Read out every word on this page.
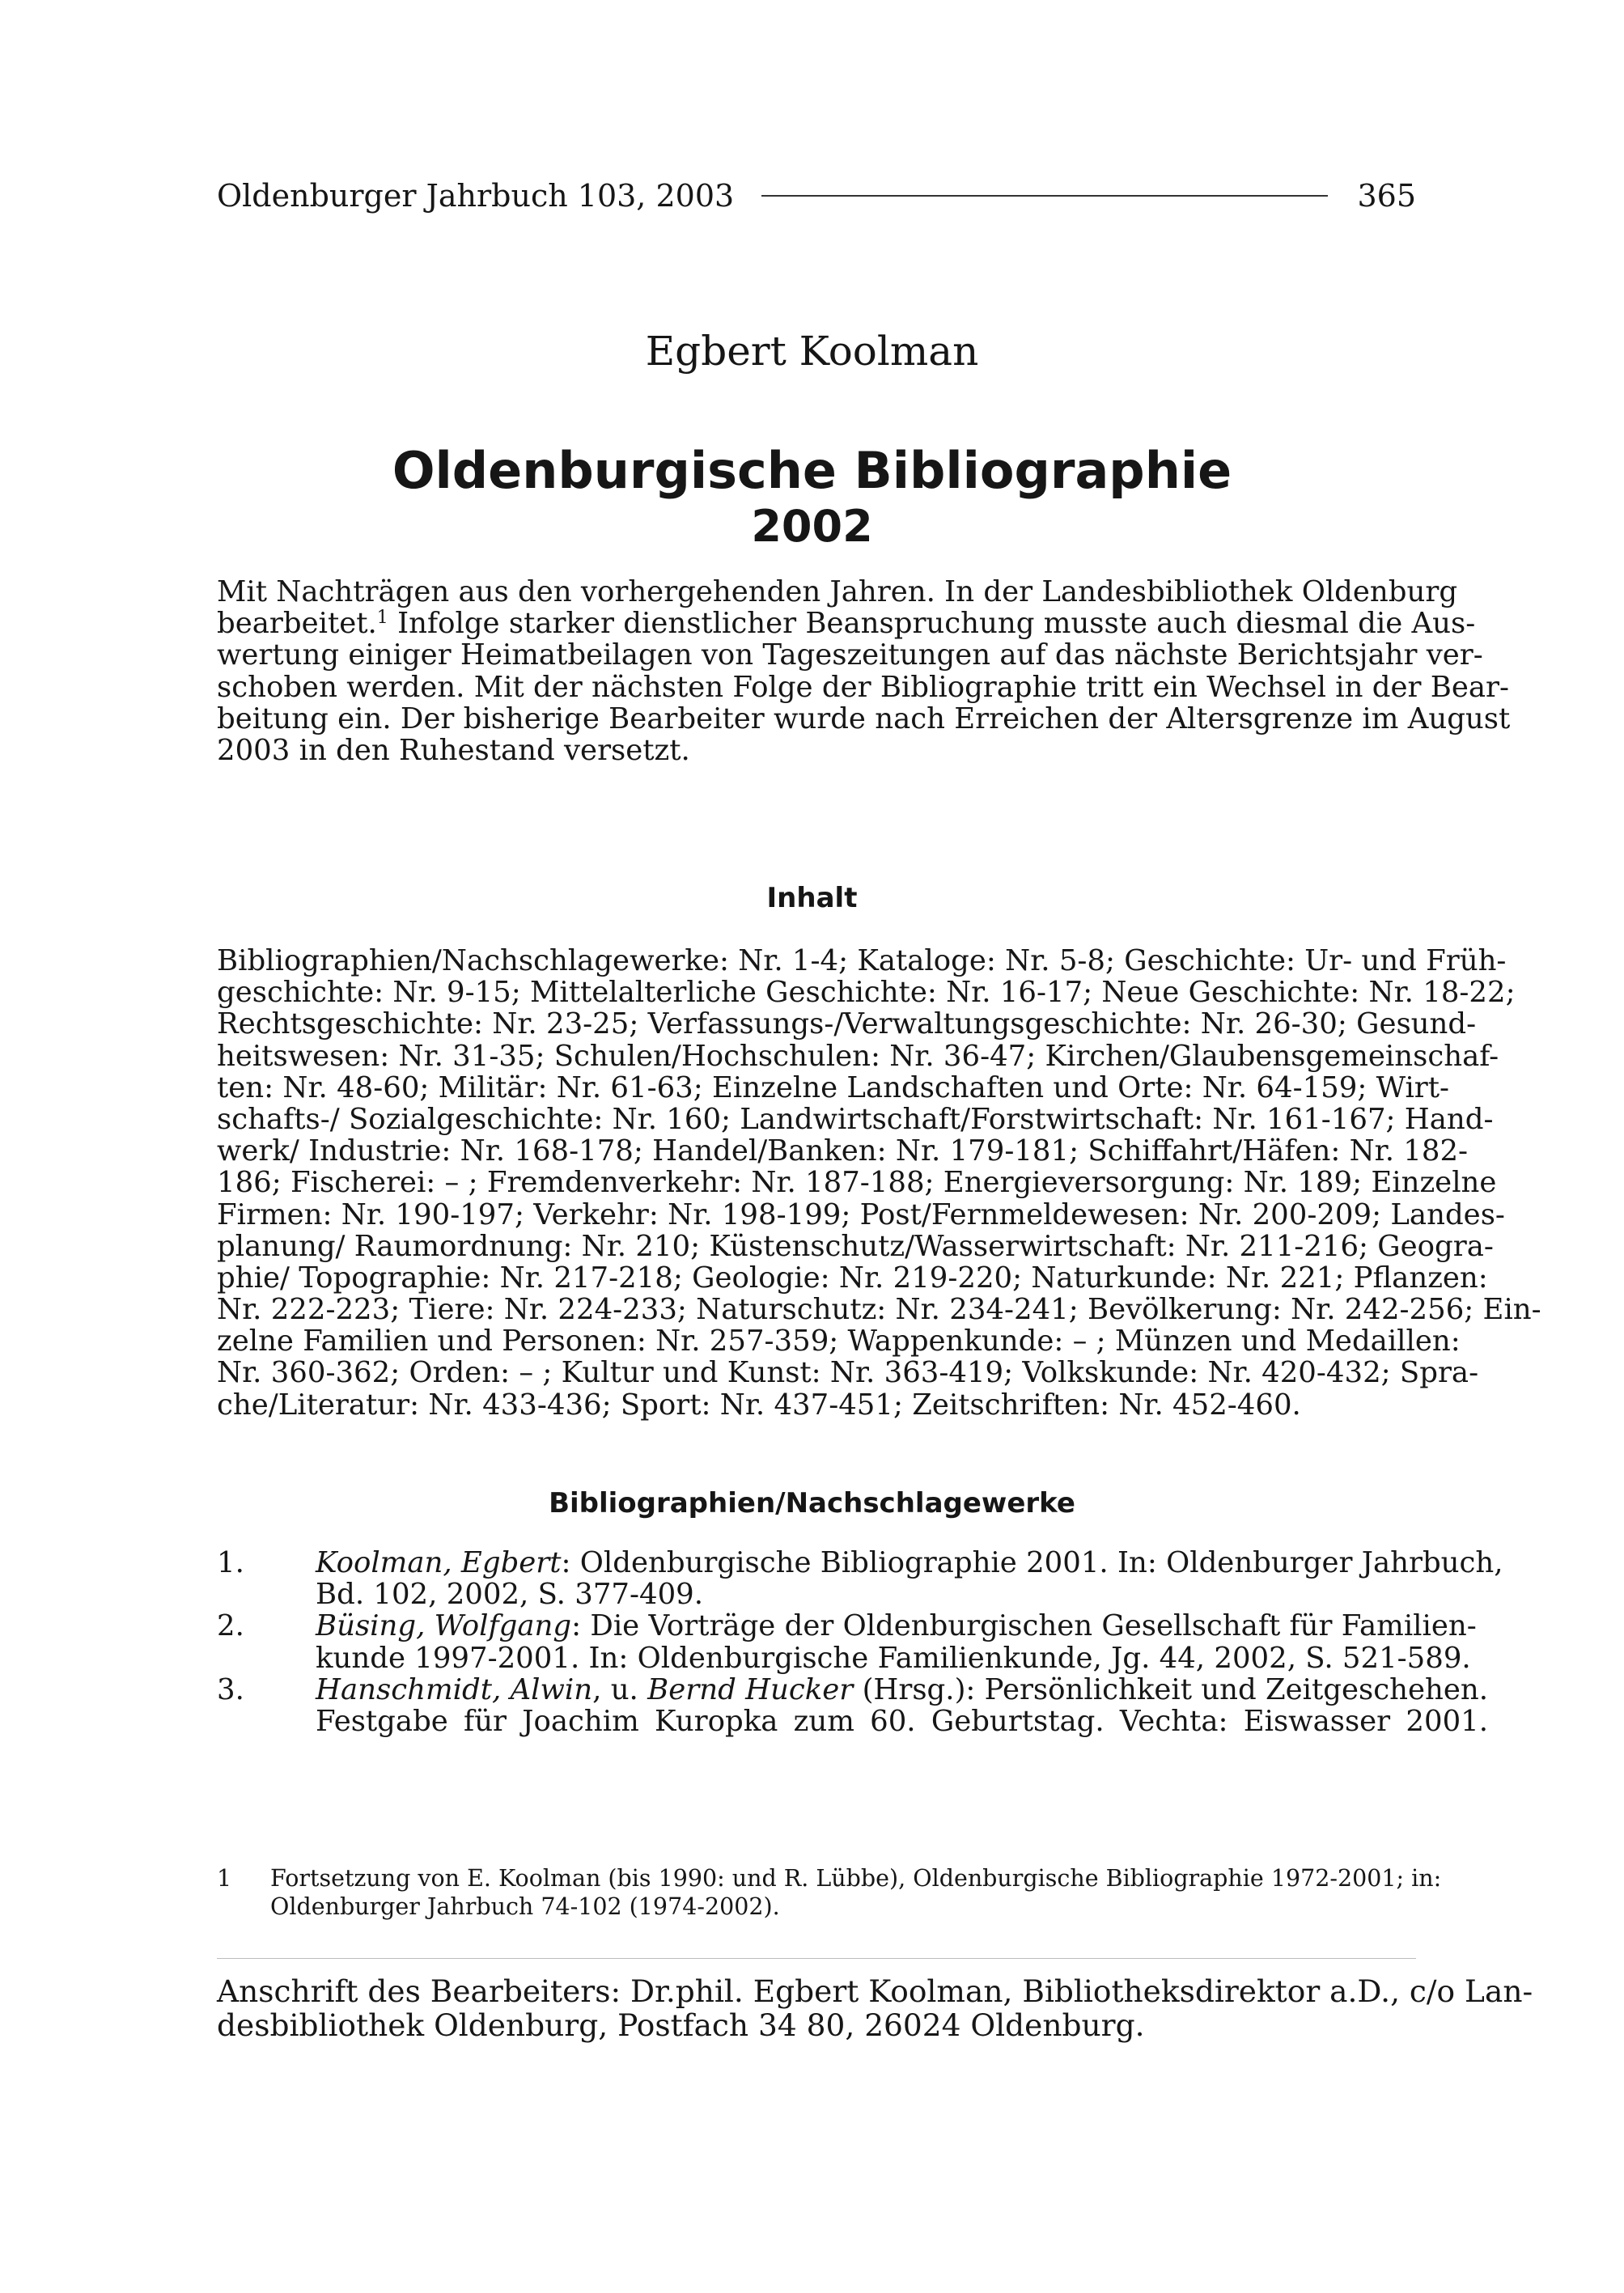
Oldenburger Jahrbuch 103, 2003	365
Egbert Koolman
Oldenburgische Bibliographie
2002
Mit Nachträgen aus den vorhergehenden Jahren. In der Landesbibliothek Oldenburg
bearbeitet.$^1$ Infolge starker dienstlicher Beanspruchung musste auch diesmal die Aus-
wertung einiger Heimatbeilagen von Tageszeitungen auf das nächste Berichtsjahr ver-
schoben werden. Mit der nächsten Folge der Bibliographie tritt ein Wechsel in der Bear-
beitung ein. Der bisherige Bearbeiter wurde nach Erreichen der Altersgrenze im August
2003 in den Ruhestand versetzt.
Inhalt
Bibliographien/Nachschlagewerke: Nr. 1-4; Kataloge: Nr. 5-8; Geschichte: Ur- und Früh-
geschichte: Nr. 9-15; Mittelalterliche Geschichte: Nr. 16-17; Neue Geschichte: Nr. 18-22;
Rechtsgeschichte: Nr. 23-25; Verfassungs-/Verwaltungsgeschichte: Nr. 26-30; Gesund-
heitswesen: Nr. 31-35; Schulen/Hochschulen: Nr. 36-47; Kirchen/Glaubensgemeinschaf-
ten: Nr. 48-60; Militär: Nr. 61-63; Einzelne Landschaften und Orte: Nr. 64-159; Wirt-
schafts-/ Sozialgeschichte: Nr. 160; Landwirtschaft/Forstwirtschaft: Nr. 161-167; Hand-
werk/ Industrie: Nr. 168-178; Handel/Banken: Nr. 179-181; Schiffahrt/Häfen: Nr. 182-
186; Fischerei: – ; Fremdenverkehr: Nr. 187-188; Energieversorgung: Nr. 189; Einzelne
Firmen: Nr. 190-197; Verkehr: Nr. 198-199; Post/Fernmeldewesen: Nr. 200-209; Landes-
planung/ Raumordnung: Nr. 210; Küstenschutz/Wasserwirtschaft: Nr. 211-216; Geogra-
phie/ Topographie: Nr. 217-218; Geologie: Nr. 219-220; Naturkunde: Nr. 221; Pflanzen:
Nr. 222-223; Tiere: Nr. 224-233; Naturschutz: Nr. 234-241; Bevölkerung: Nr. 242-256; Ein-
zelne Familien und Personen: Nr. 257-359; Wappenkunde: – ; Münzen und Medaillen:
Nr. 360-362; Orden: – ; Kultur und Kunst: Nr. 363-419; Volkskunde: Nr. 420-432; Spra-
che/Literatur: Nr. 433-436; Sport: Nr. 437-451; Zeitschriften: Nr. 452-460.
Bibliographien/Nachschlagewerke
1.	Koolman, Egbert: Oldenburgische Bibliographie 2001. In: Oldenburger Jahrbuch,
Bd. 102, 2002, S. 377-409.
2.	Büsing, Wolfgang: Die Vorträge der Oldenburgischen Gesellschaft für Familien-
kunde 1997-2001. In: Oldenburgische Familienkunde, Jg. 44, 2002, S. 521-589.
3.	Hanschmidt, Alwin, u. Bernd Hucker (Hrsg.): Persönlichkeit und Zeitgeschehen.
Festgabe für Joachim Kuropka zum 60. Geburtstag. Vechta: Eiswasser 2001.
1	Fortsetzung von E. Koolman (bis 1990: und R. Lübbe), Oldenburgische Bibliographie 1972-2001; in:
Oldenburger Jahrbuch 74-102 (1974-2002).
Anschrift des Bearbeiters: Dr.phil. Egbert Koolman, Bibliotheksdirektor a.D., c/o Lan-
desbibliothek Oldenburg, Postfach 34 80, 26024 Oldenburg.
